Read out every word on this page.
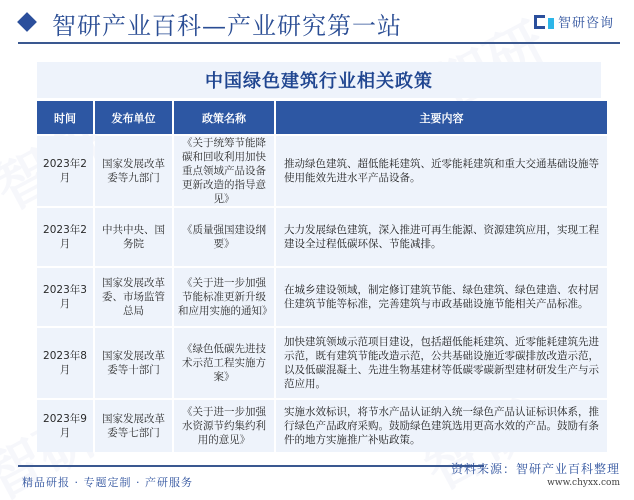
智研产业百科—产业研究第一站	智研咨询
中国绿色建筑行业相关政策
时间	发布单位	政策名称	主要内容
2023年2月	国家发展改革委等九部门	《关于统筹节能降碳和回收利用加快重点领域产品设备更新改造的指导意见》	推动绿色建筑、超低能耗建筑、近零能耗建筑和重大交通基础设施等使用能效先进水平产品设备。
2023年2月	中共中央、国务院	《质量强国建设纲要》	大力发展绿色建筑，深入推进可再生能源、资源建筑应用，实现工程建设全过程低碳环保、节能减排。
2023年3月	国家发展改革委、市场监管总局	《关于进一步加强节能标准更新升级和应用实施的通知》	在城乡建设领域，制定修订建筑节能、绿色建筑、绿色建造、农村居住建筑节能等标准，完善建筑与市政基础设施节能相关产品标准。
2023年8月	国家发展改革委等十部门	《绿色低碳先进技术示范工程实施方案》	加快建筑领域示范项目建设，包括超低能耗建筑、近零能耗建筑先进示范，既有建筑节能改造示范，公共基础设施近零碳排放改造示范，以及低碳混凝土、先进生物基建材等低碳零碳新型建材研发生产与示范应用。
2023年9月	国家发展改革委等七部门	《关于进一步加强水资源节约集约利用的意见》	实施水效标识，将节水产品认证纳入统一绿色产品认证标识体系，推行绿色产品政府采购。鼓励绿色建筑选用更高水效的产品。鼓励有条件的地方实施推广补贴政策。
精品研报 · 专题定制 · 产研服务
资料来源：智研产业百科整理
www.chyxx.com
